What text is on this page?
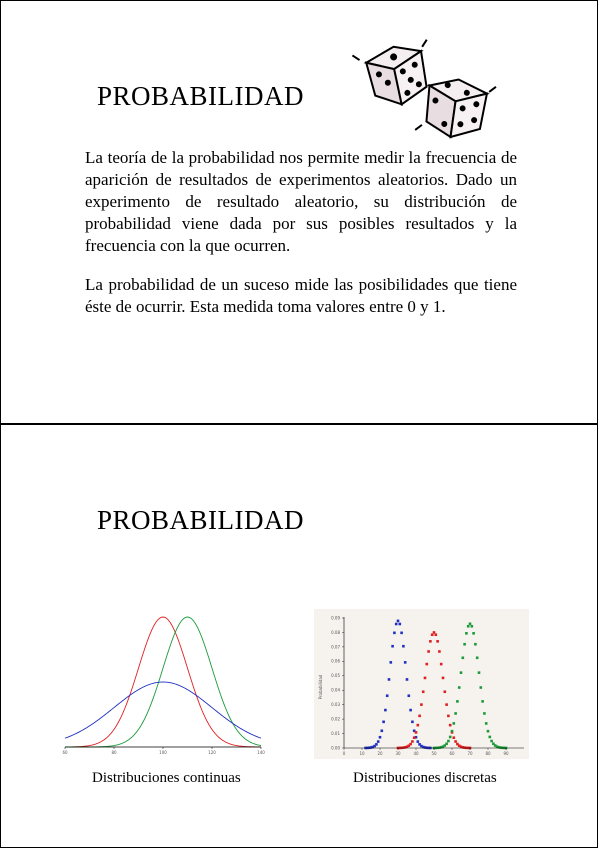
PROBABILIDAD
La teoría de la probabilidad nos permite medir la frecuencia de aparición de resultados de experimentos aleatorios. Dado un experimento de resultado aleatorio, su distribución de probabilidad viene dada por sus posibles resultados y la frecuencia con la que ocurren.
La probabilidad de un suceso mide las posibilidades que tiene éste de ocurrir. Esta medida toma valores entre 0 y 1.
PROBABILIDAD
60	80	100	120	140
0.00
0.01
0.02
0.03
0.04
0.05
0.06
0.07
0.08
0.09
0	10	20	30	40	50	60	70	80	90
Probabilidad
Distribuciones continuas	Distribuciones discretas
